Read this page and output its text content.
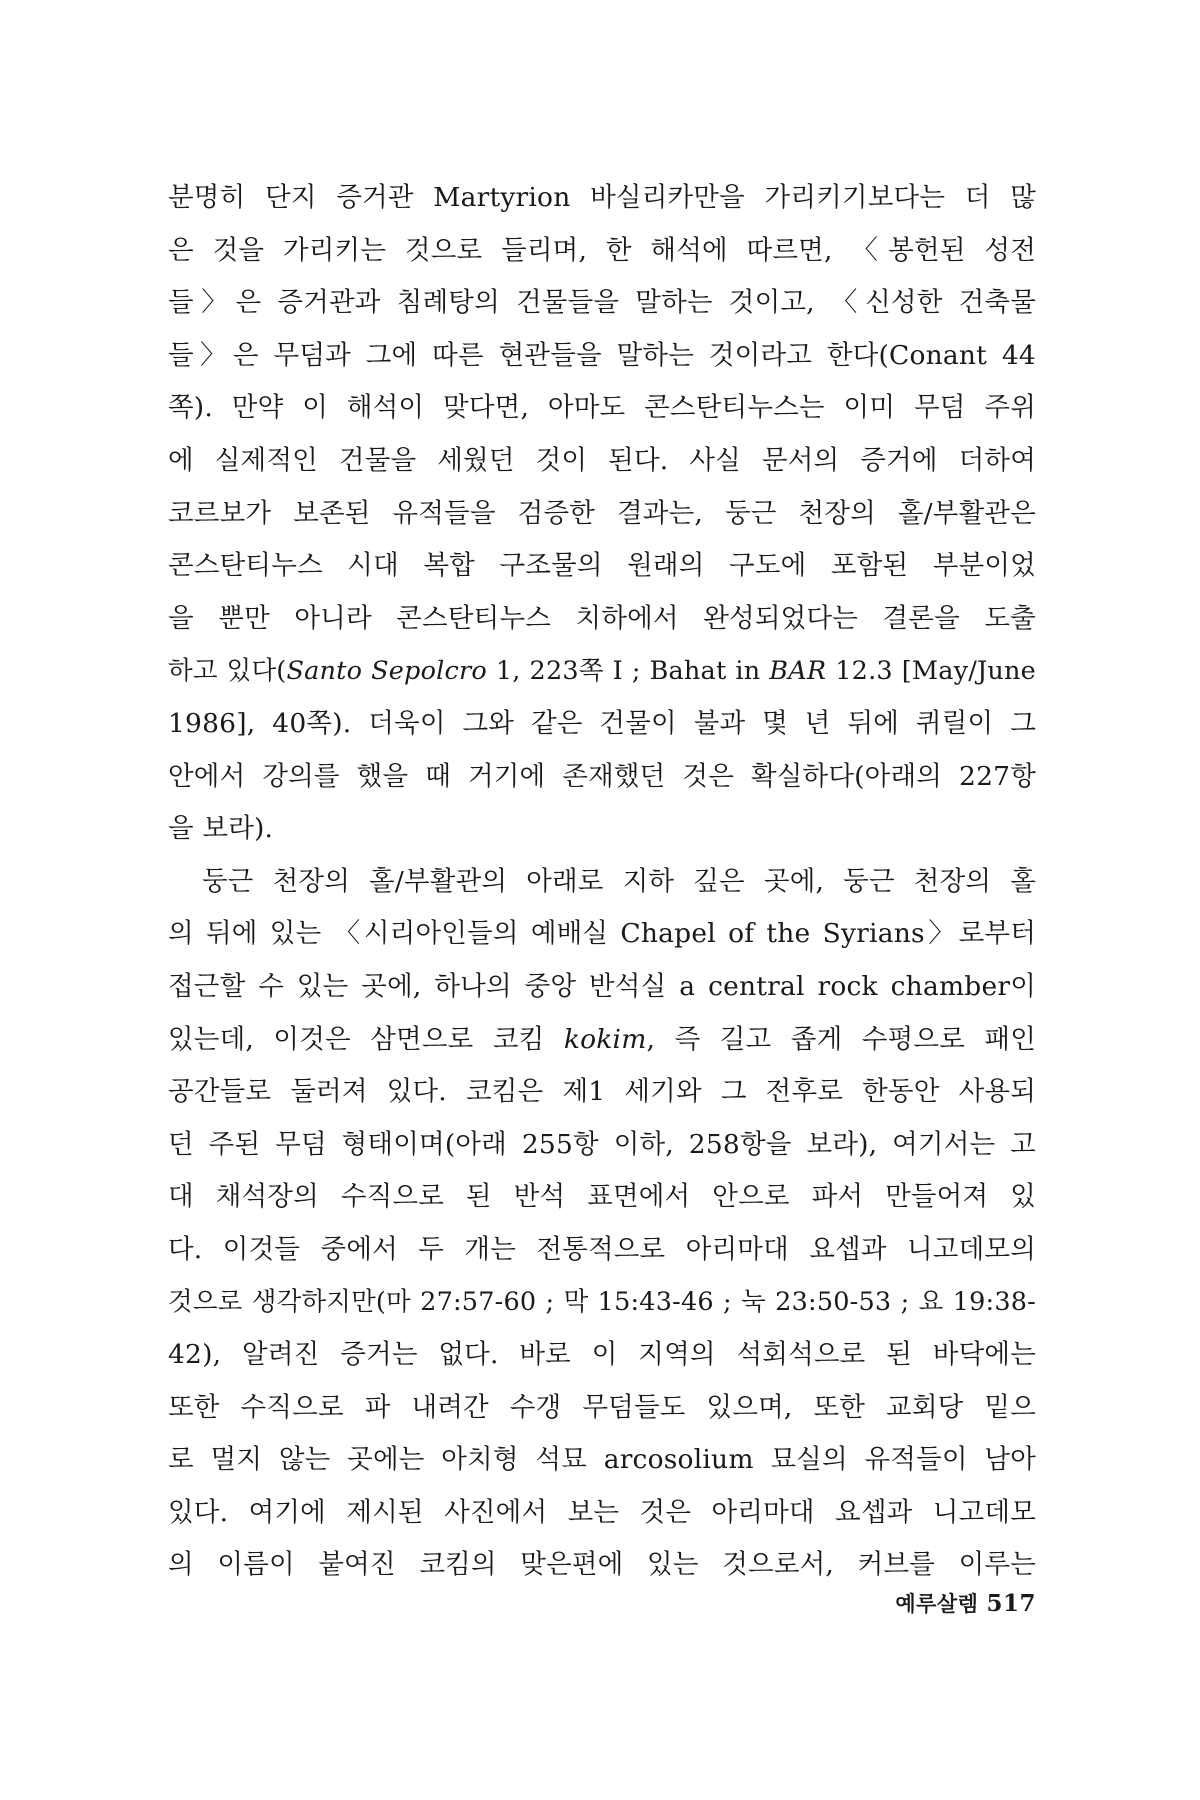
분명히 단지 증거관 Martyrion 바실리카만을 가리키기보다는 더 많
은 것을 가리키는 것으로 들리며, 한 해석에 따르면, 〈봉헌된 성전
들〉은 증거관과 침례탕의 건물들을 말하는 것이고, 〈신성한 건축물
들〉은 무덤과 그에 따른 현관들을 말하는 것이라고 한다(Conant 44
쪽). 만약 이 해석이 맞다면, 아마도 콘스탄티누스는 이미 무덤 주위
에 실제적인 건물을 세웠던 것이 된다. 사실 문서의 증거에 더하여
코르보가 보존된 유적들을 검증한 결과는, 둥근 천장의 홀/부활관은
콘스탄티누스 시대 복합 구조물의 원래의 구도에 포함된 부분이었
을 뿐만 아니라 콘스탄티누스 치하에서 완성되었다는 결론을 도출
하고 있다(Santo Sepolcro 1, 223쪽 I ; Bahat in BAR 12.3 [May/June
1986], 40쪽). 더욱이 그와 같은 건물이 불과 몇 년 뒤에 퀴릴이 그
안에서 강의를 했을 때 거기에 존재했던 것은 확실하다(아래의 227항
을 보라).
둥근 천장의 홀/부활관의 아래로 지하 깊은 곳에, 둥근 천장의 홀
의 뒤에 있는 〈시리아인들의 예배실 Chapel of the Syrians〉로부터
접근할 수 있는 곳에, 하나의 중앙 반석실 a central rock chamber이
있는데, 이것은 삼면으로 코킴 kokim, 즉 길고 좁게 수평으로 패인
공간들로 둘러져 있다. 코킴은 제1 세기와 그 전후로 한동안 사용되
던 주된 무덤 형태이며(아래 255항 이하, 258항을 보라), 여기서는 고
대 채석장의 수직으로 된 반석 표면에서 안으로 파서 만들어져 있
다. 이것들 중에서 두 개는 전통적으로 아리마대 요셉과 니고데모의
것으로 생각하지만(마 27:57-60 ; 막 15:43-46 ; 눅 23:50-53 ; 요 19:38-
42), 알려진 증거는 없다. 바로 이 지역의 석회석으로 된 바닥에는
또한 수직으로 파 내려간 수갱 무덤들도 있으며, 또한 교회당 밑으
로 멀지 않는 곳에는 아치형 석묘 arcosolium 묘실의 유적들이 남아
있다. 여기에 제시된 사진에서 보는 것은 아리마대 요셉과 니고데모
의 이름이 붙여진 코킴의 맞은편에 있는 것으로서, 커브를 이루는
예루살렘 517
